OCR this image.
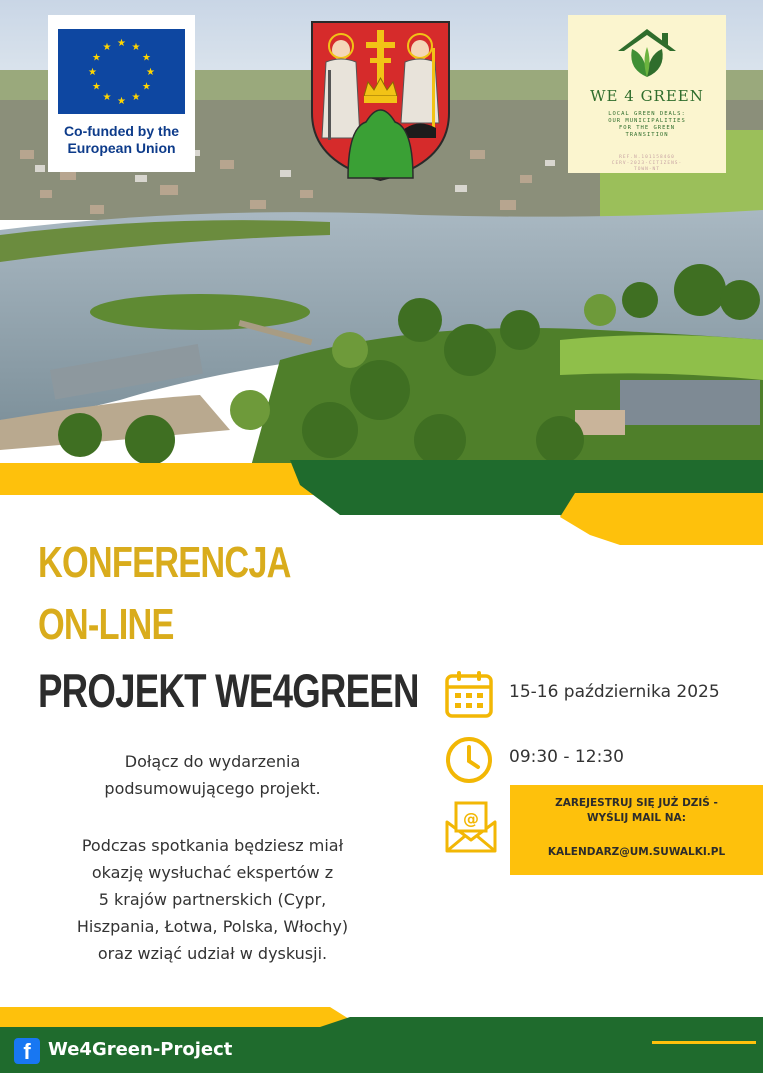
★ ★
★
★
★
★
★
★
★
★
★
★
Co-funded by the
European Union
WE 4 GREEN
LOCAL GREEN DEALS:
OUR MUNICIPALITIES
FOR THE GREEN
TRANSITION
REF.N.101158460
CERV-2023-CITIZENS-
TOWN-NT
KONFERENCJA
ON-LINE
PROJEKT WE4GREEN
Dołącz do wydarzenia
podsumowującego projekt.
Podczas spotkania będziesz miał
okazję wysłuchać ekspertów z
5 krajów partnerskich (Cypr,
Hiszpania, Łotwa, Polska, Włochy)
oraz wziąć udział w dyskusji.
15-16 października 2025
09:30 - 12:30
@
ZAREJESTRUJ SIĘ JUŻ DZIŚ -
WYŚLIJ MAIL NA:
KALENDARZ@UM.SUWALKI.PL
f We4Green-Project
